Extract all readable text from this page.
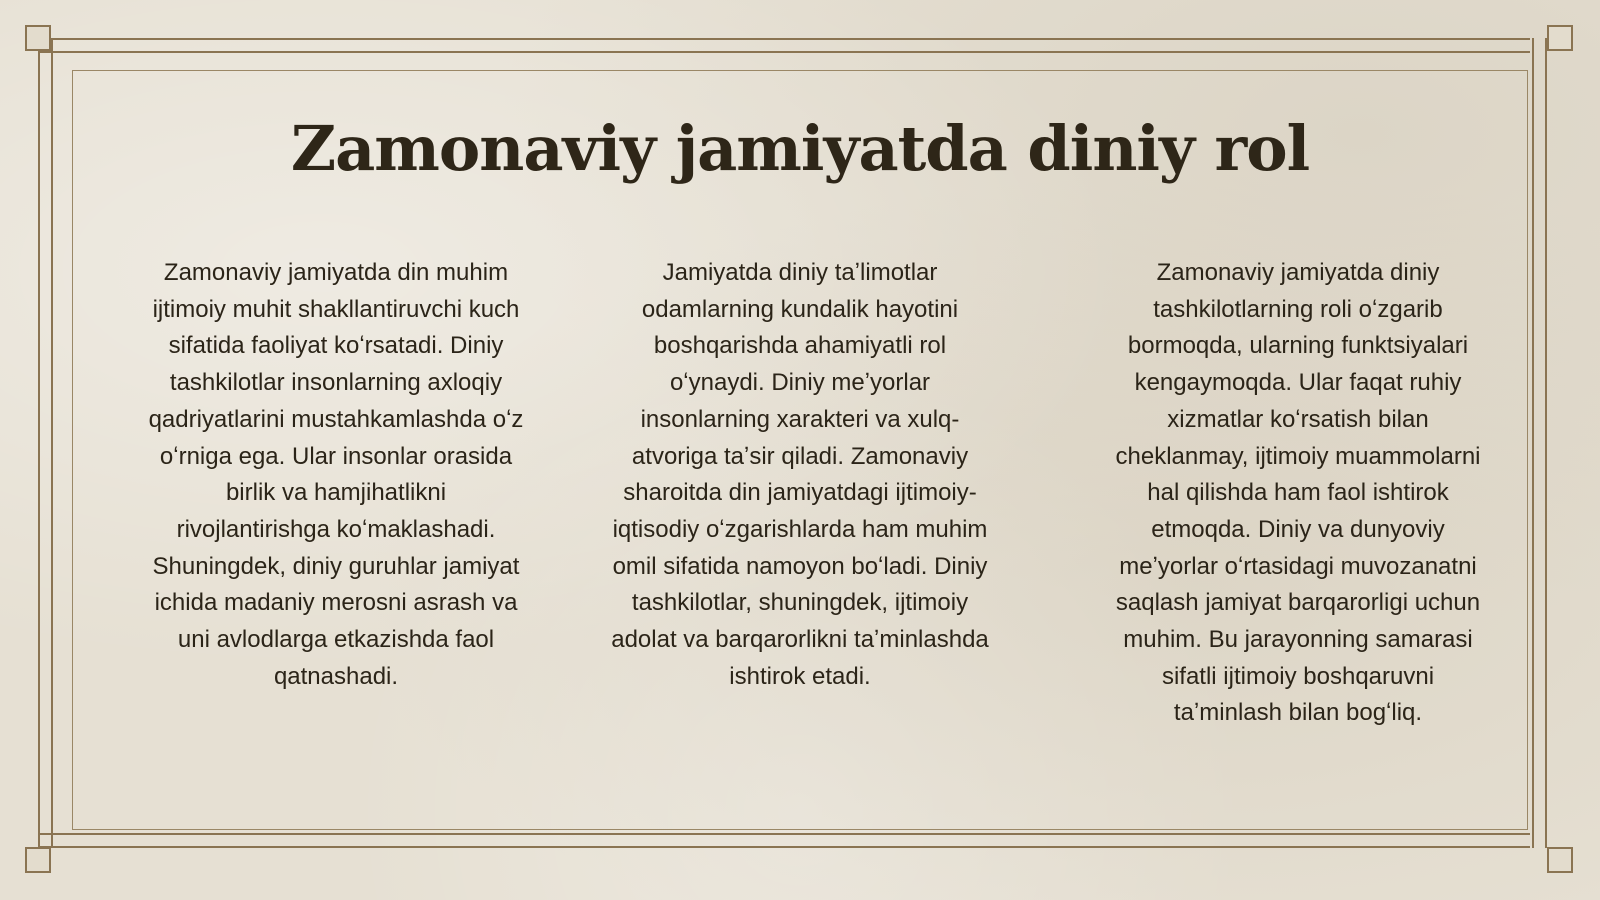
Zamonaviy jamiyatda diniy rol

Zamonaviy jamiyatda din muhim ijtimoiy muhit shakllantiruvchi kuch sifatida faoliyat koʻrsatadi. Diniy tashkilotlar insonlarning axloqiy qadriyatlarini mustahkamlashda oʻz oʻrniga ega. Ular insonlar orasida birlik va hamjihatlikni rivojlantirishga koʻmaklashadi. Shuningdek, diniy guruhlar jamiyat ichida madaniy merosni asrash va uni avlodlarga etkazishda faol qatnashadi.

Jamiyatda diniy taʼlimotlar odamlarning kundalik hayotini boshqarishda ahamiyatli rol oʻynaydi. Diniy meʼyorlar insonlarning xarakteri va xulq-atvoriga taʼsir qiladi. Zamonaviy sharoitda din jamiyatdagi ijtimoiy-iqtisodiy oʻzgarishlarda ham muhim omil sifatida namoyon boʻladi. Diniy tashkilotlar, shuningdek, ijtimoiy adolat va barqarorlikni taʼminlashda ishtirok etadi.

Zamonaviy jamiyatda diniy tashkilotlarning roli oʻzgarib bormoqda, ularning funktsiyalari kengaymoqda. Ular faqat ruhiy xizmatlar koʻrsatish bilan cheklanmay, ijtimoiy muammolarni hal qilishda ham faol ishtirok etmoqda. Diniy va dunyoviy meʼyorlar oʻrtasidagi muvozanatni saqlash jamiyat barqarorligi uchun muhim. Bu jarayonning samarasi sifatli ijtimoiy boshqaruvni taʼminlash bilan bogʻliq.
